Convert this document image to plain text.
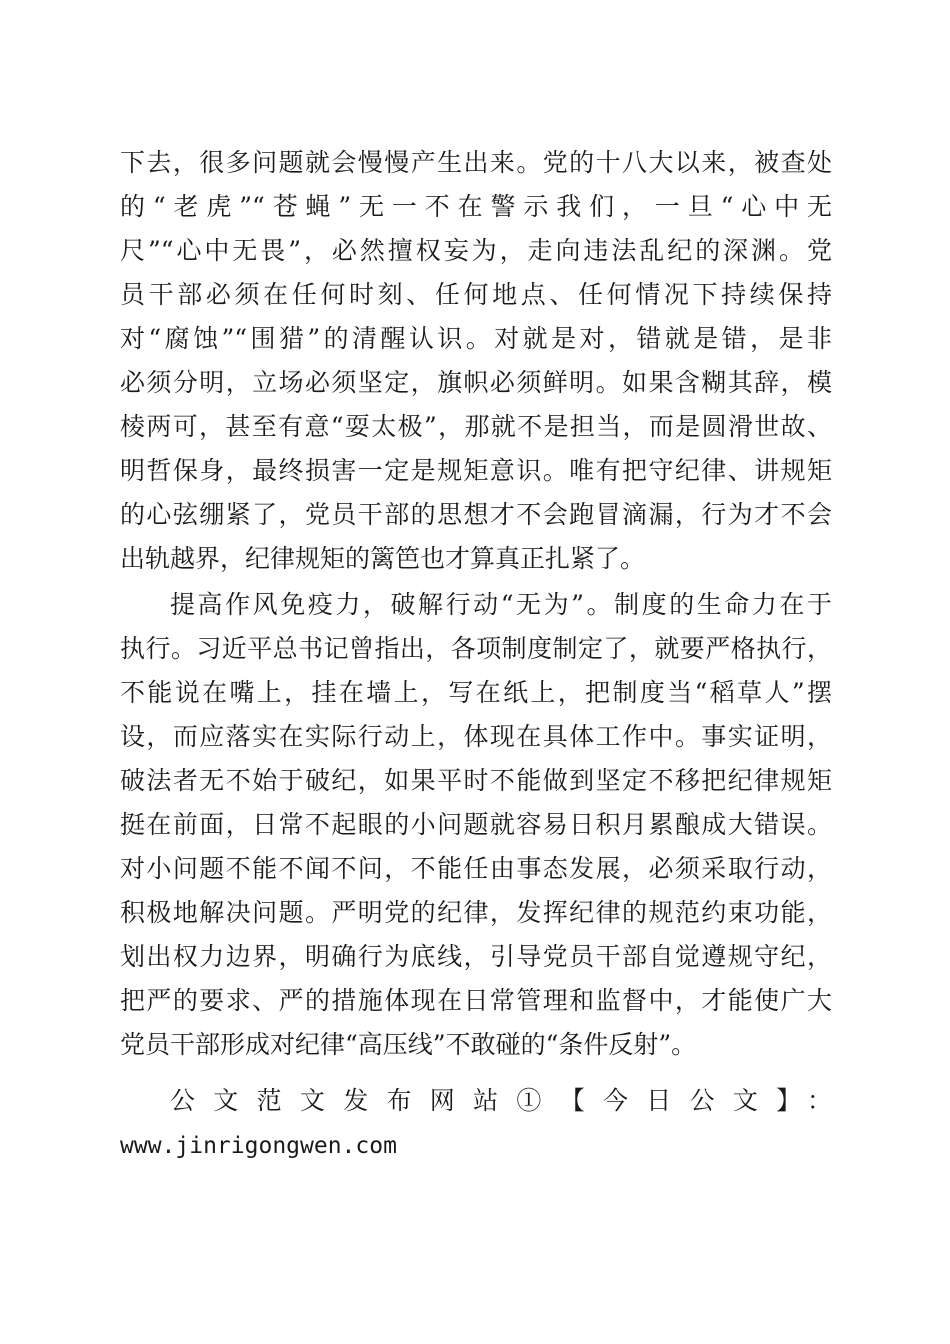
下去，很多问题就会慢慢产生出来。党的十八大以来，被查处
的“老虎”“苍蝇”无一不在警示我们，一旦“心中无
尺”“心中无畏”，必然擅权妄为，走向违法乱纪的深渊。党
员干部必须在任何时刻、任何地点、任何情况下持续保持
对“腐蚀”“围猎”的清醒认识。对就是对，错就是错，是非
必须分明，立场必须坚定，旗帜必须鲜明。如果含糊其辞，模
棱两可，甚至有意“耍太极”，那就不是担当，而是圆滑世故、
明哲保身，最终损害一定是规矩意识。唯有把守纪律、讲规矩
的心弦绷紧了，党员干部的思想才不会跑冒滴漏，行为才不会
出轨越界，纪律规矩的篱笆也才算真正扎紧了。
提高作风免疫力，破解行动“无为”。制度的生命力在于
执行。习近平总书记曾指出，各项制度制定了，就要严格执行，
不能说在嘴上，挂在墙上，写在纸上，把制度当“稻草人”摆
设，而应落实在实际行动上，体现在具体工作中。事实证明，
破法者无不始于破纪，如果平时不能做到坚定不移把纪律规矩
挺在前面，日常不起眼的小问题就容易日积月累酿成大错误。
对小问题不能不闻不问，不能任由事态发展，必须采取行动，
积极地解决问题。严明党的纪律，发挥纪律的规范约束功能，
划出权力边界，明确行为底线，引导党员干部自觉遵规守纪，
把严的要求、严的措施体现在日常管理和监督中，才能使广大
党员干部形成对纪律“高压线”不敢碰的“条件反射”。
公文范文发布网站①【今日公文】：
www.jinrigongwen.com
